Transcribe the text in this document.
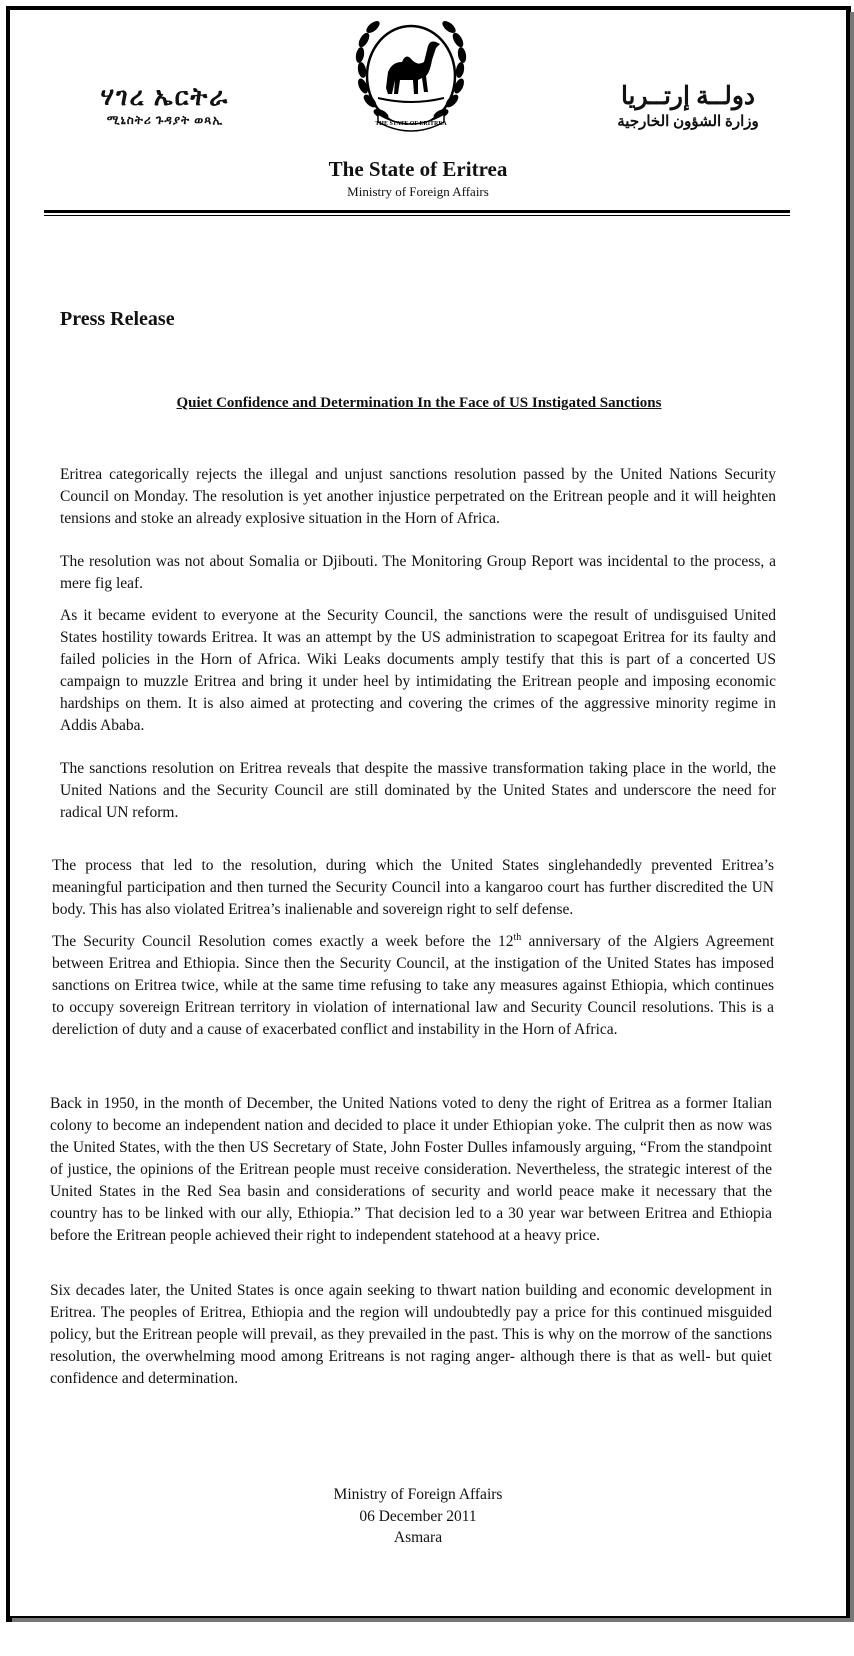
ሃገረ ኤርትራ
ሚኒስትሪ ጉዳያት ወጻኢ	THE STATE OF ERITREA
دولــة إرتــريا
وزارة الشؤون الخارجية
The State of Eritrea
Ministry of Foreign Affairs
Press Release
Quiet Confidence and Determination In the Face of US Instigated Sanctions

Eritrea categorically rejects the illegal and unjust sanctions resolution passed by the United Nations Security Council on Monday. The resolution is yet another injustice perpetrated on the Eritrean people and it will heighten tensions and stoke an already explosive situation in the Horn of Africa.

The resolution was not about Somalia or Djibouti. The Monitoring Group Report was incidental to the process, a mere fig leaf.

As it became evident to everyone at the Security Council, the sanctions were the result of undisguised United States hostility towards Eritrea. It was an attempt by the US administration to scapegoat Eritrea for its faulty and failed policies in the Horn of Africa. Wiki Leaks documents amply testify that this is part of a concerted US campaign to muzzle Eritrea and bring it under heel by intimidating the Eritrean people and imposing economic hardships on them. It is also aimed at protecting and covering the crimes of the aggressive minority regime in Addis Ababa.

The sanctions resolution on Eritrea reveals that despite the massive transformation taking place in the world, the United Nations and the Security Council are still dominated by the United States and underscore the need for radical UN reform.

The process that led to the resolution, during which the United States singlehandedly prevented Eritrea’s meaningful participation and then turned the Security Council into a kangaroo court has further discredited the UN body. This has also violated Eritrea’s inalienable and sovereign right to self defense.

The Security Council Resolution comes exactly a week before the 12th anniversary of the Algiers Agreement between Eritrea and Ethiopia. Since then the Security Council, at the instigation of the United States has imposed sanctions on Eritrea twice, while at the same time refusing to take any measures against Ethiopia, which continues to occupy sovereign Eritrean territory in violation of international law and Security Council resolutions. This is a dereliction of duty and a cause of exacerbated conflict and instability in the Horn of Africa.

Back in 1950, in the month of December, the United Nations voted to deny the right of Eritrea as a former Italian colony to become an independent nation and decided to place it under Ethiopian yoke. The culprit then as now was the United States, with the then US Secretary of State, John Foster Dulles infamously arguing, “From the standpoint of justice, the opinions of the Eritrean people must receive consideration. Nevertheless, the strategic interest of the United States in the Red Sea basin and considerations of security and world peace make it necessary that the country has to be linked with our ally, Ethiopia.” That decision led to a 30 year war between Eritrea and Ethiopia before the Eritrean people achieved their right to independent statehood at a heavy price.

Six decades later, the United States is once again seeking to thwart nation building and economic development in Eritrea. The peoples of Eritrea, Ethiopia and the region will undoubtedly pay a price for this continued misguided policy, but the Eritrean people will prevail, as they prevailed in the past. This is why on the morrow of the sanctions resolution, the overwhelming mood among Eritreans is not raging anger- although there is that as well- but quiet confidence and determination.

Ministry of Foreign Affairs
06 December 2011
Asmara
